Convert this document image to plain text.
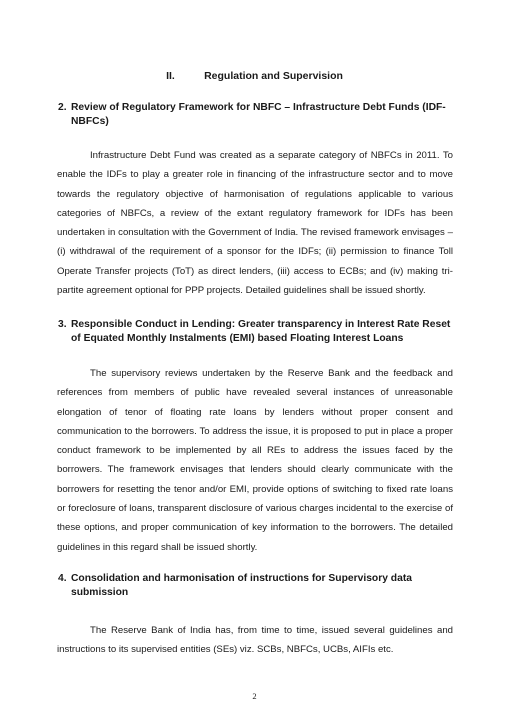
II.	Regulation and Supervision
2. Review of Regulatory Framework for NBFC – Infrastructure Debt Funds (IDF-NBFCs)

Infrastructure Debt Fund was created as a separate category of NBFCs in 2011. To enable the IDFs to play a greater role in financing of the infrastructure sector and to move towards the regulatory objective of harmonisation of regulations applicable to various categories of NBFCs, a review of the extant regulatory framework for IDFs has been undertaken in consultation with the Government of India. The revised framework envisages – (i) withdrawal of the requirement of a sponsor for the IDFs; (ii) permission to finance Toll Operate Transfer projects (ToT) as direct lenders, (iii) access to ECBs; and (iv) making tri-partite agreement optional for PPP projects. Detailed guidelines shall be issued shortly.

3. Responsible Conduct in Lending: Greater transparency in Interest Rate Reset of Equated Monthly Instalments (EMI) based Floating Interest Loans

The supervisory reviews undertaken by the Reserve Bank and the feedback and references from members of public have revealed several instances of unreasonable elongation of tenor of floating rate loans by lenders without proper consent and communication to the borrowers. To address the issue, it is proposed to put in place a proper conduct framework to be implemented by all REs to address the issues faced by the borrowers. The framework envisages that lenders should clearly communicate with the borrowers for resetting the tenor and/or EMI, provide options of switching to fixed rate loans or foreclosure of loans, transparent disclosure of various charges incidental to the exercise of these options, and proper communication of key information to the borrowers. The detailed guidelines in this regard shall be issued shortly.

4. Consolidation and harmonisation of instructions for Supervisory data submission

The Reserve Bank of India has, from time to time, issued several guidelines and instructions to its supervised entities (SEs) viz. SCBs, NBFCs, UCBs, AIFIs etc.

2
